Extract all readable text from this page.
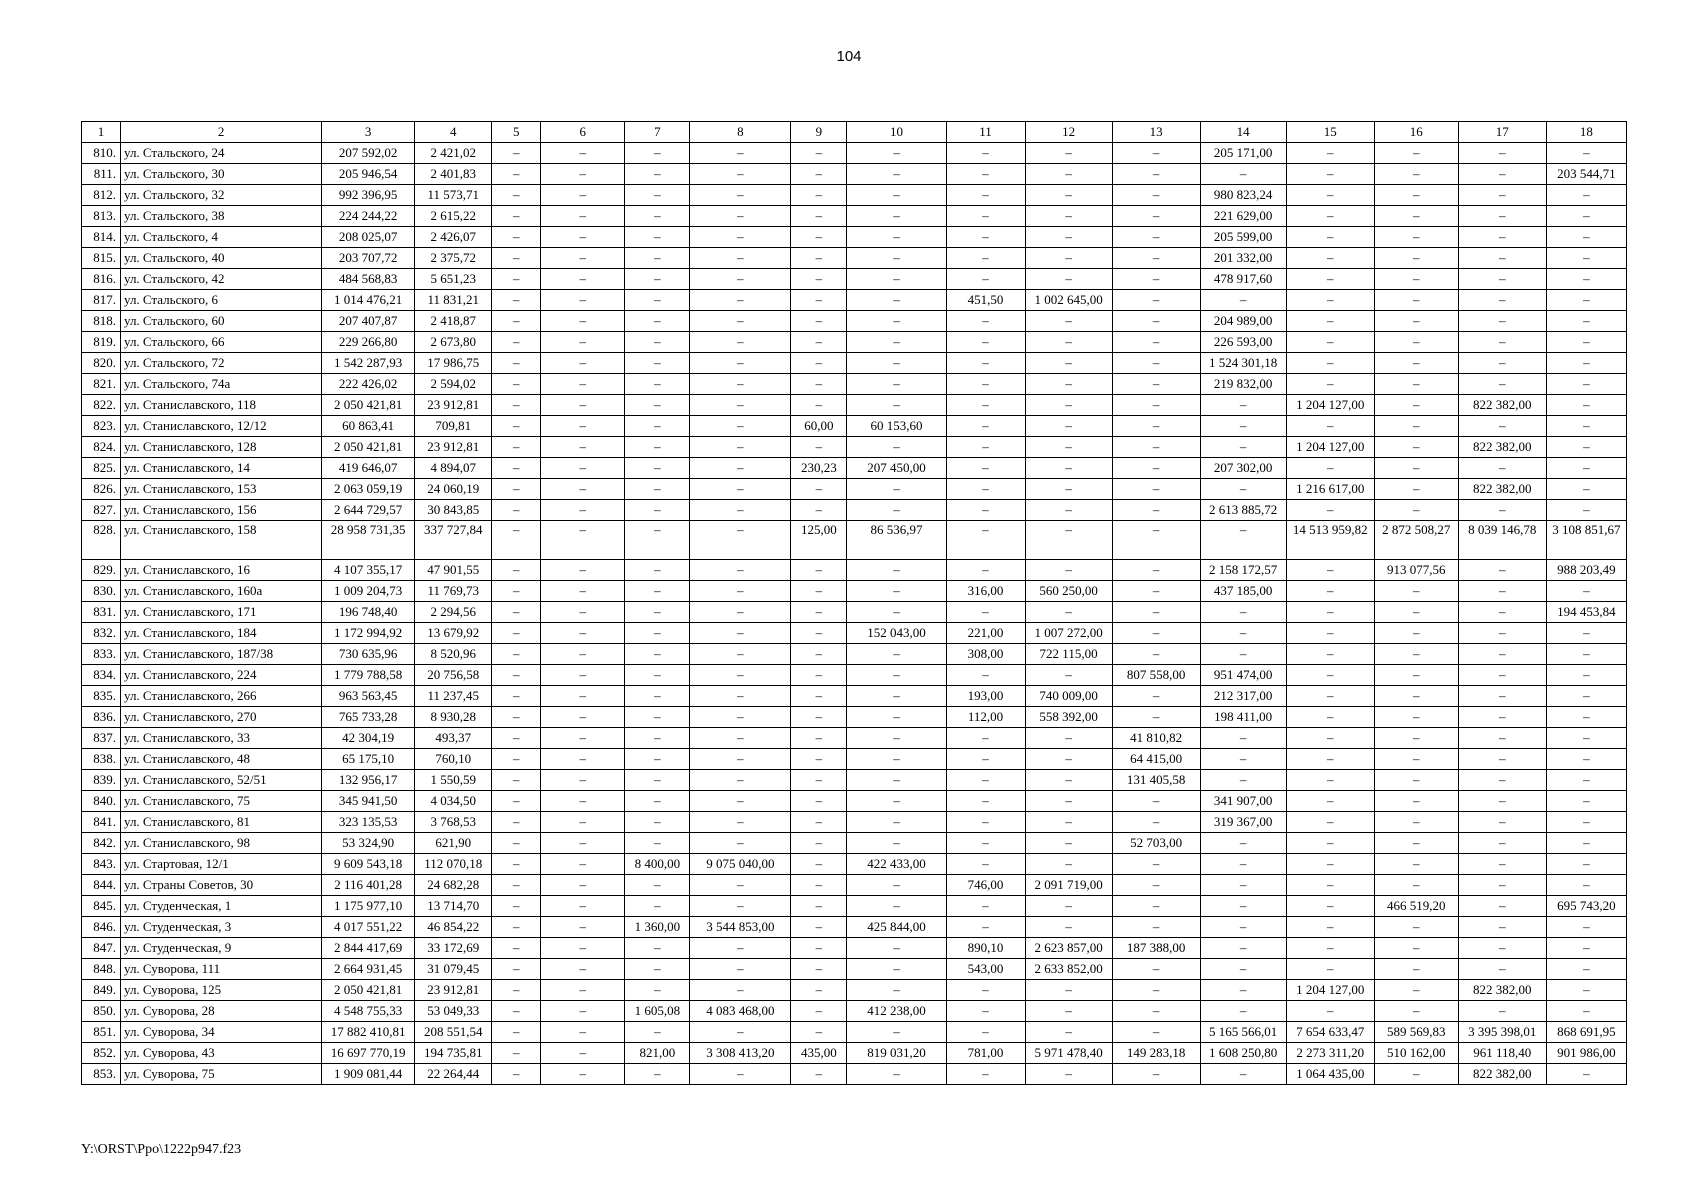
104
1	2	3	4	5	6	7	8	9	10	11	12	13	14	15	16	17	18
810.	ул. Стальского, 24	207 592,02	2 421,02	–	–	–	–	–	–	–	–	–	205 171,00	–	–	–	–
811.	ул. Стальского, 30	205 946,54	2 401,83	–	–	–	–	–	–	–	–	–	–	–	–	–	203 544,71
812.	ул. Стальского, 32	992 396,95	11 573,71	–	–	–	–	–	–	–	–	–	980 823,24	–	–	–	–
813.	ул. Стальского, 38	224 244,22	2 615,22	–	–	–	–	–	–	–	–	–	221 629,00	–	–	–	–
814.	ул. Стальского, 4	208 025,07	2 426,07	–	–	–	–	–	–	–	–	–	205 599,00	–	–	–	–
815.	ул. Стальского, 40	203 707,72	2 375,72	–	–	–	–	–	–	–	–	–	201 332,00	–	–	–	–
816.	ул. Стальского, 42	484 568,83	5 651,23	–	–	–	–	–	–	–	–	–	478 917,60	–	–	–	–
817.	ул. Стальского, 6	1 014 476,21	11 831,21	–	–	–	–	–	–	451,50	1 002 645,00	–	–	–	–	–	–
818.	ул. Стальского, 60	207 407,87	2 418,87	–	–	–	–	–	–	–	–	–	204 989,00	–	–	–	–
819.	ул. Стальского, 66	229 266,80	2 673,80	–	–	–	–	–	–	–	–	–	226 593,00	–	–	–	–
820.	ул. Стальского, 72	1 542 287,93	17 986,75	–	–	–	–	–	–	–	–	–	1 524 301,18	–	–	–	–
821.	ул. Стальского, 74а	222 426,02	2 594,02	–	–	–	–	–	–	–	–	–	219 832,00	–	–	–	–
822.	ул. Станиславского, 118	2 050 421,81	23 912,81	–	–	–	–	–	–	–	–	–	–	1 204 127,00	–	822 382,00	–
823.	ул. Станиславского, 12/12	60 863,41	709,81	–	–	–	–	60,00	60 153,60	–	–	–	–	–	–	–	–
824.	ул. Станиславского, 128	2 050 421,81	23 912,81	–	–	–	–	–	–	–	–	–	–	1 204 127,00	–	822 382,00	–
825.	ул. Станиславского, 14	419 646,07	4 894,07	–	–	–	–	230,23	207 450,00	–	–	–	207 302,00	–	–	–	–
826.	ул. Станиславского, 153	2 063 059,19	24 060,19	–	–	–	–	–	–	–	–	–	–	1 216 617,00	–	822 382,00	–
827.	ул. Станиславского, 156	2 644 729,57	30 843,85	–	–	–	–	–	–	–	–	–	2 613 885,72	–	–	–	–
828.	ул. Станиславского, 158	28 958 731,35	337 727,84	–	–	–	–	125,00	86 536,97	–	–	–	–	14 513 959,82	2 872 508,27	8 039 146,78	3 108 851,67
829.	ул. Станиславского, 16	4 107 355,17	47 901,55	–	–	–	–	–	–	–	–	–	2 158 172,57	–	913 077,56	–	988 203,49
830.	ул. Станиславского, 160а	1 009 204,73	11 769,73	–	–	–	–	–	–	316,00	560 250,00	–	437 185,00	–	–	–	–
831.	ул. Станиславского, 171	196 748,40	2 294,56	–	–	–	–	–	–	–	–	–	–	–	–	–	194 453,84
832.	ул. Станиславского, 184	1 172 994,92	13 679,92	–	–	–	–	–	152 043,00	221,00	1 007 272,00	–	–	–	–	–	–
833.	ул. Станиславского, 187/38	730 635,96	8 520,96	–	–	–	–	–	–	308,00	722 115,00	–	–	–	–	–	–
834.	ул. Станиславского, 224	1 779 788,58	20 756,58	–	–	–	–	–	–	–	–	807 558,00	951 474,00	–	–	–	–
835.	ул. Станиславского, 266	963 563,45	11 237,45	–	–	–	–	–	–	193,00	740 009,00	–	212 317,00	–	–	–	–
836.	ул. Станиславского, 270	765 733,28	8 930,28	–	–	–	–	–	–	112,00	558 392,00	–	198 411,00	–	–	–	–
837.	ул. Станиславского, 33	42 304,19	493,37	–	–	–	–	–	–	–	–	41 810,82	–	–	–	–	–
838.	ул. Станиславского, 48	65 175,10	760,10	–	–	–	–	–	–	–	–	64 415,00	–	–	–	–	–
839.	ул. Станиславского, 52/51	132 956,17	1 550,59	–	–	–	–	–	–	–	–	131 405,58	–	–	–	–	–
840.	ул. Станиславского, 75	345 941,50	4 034,50	–	–	–	–	–	–	–	–	–	341 907,00	–	–	–	–
841.	ул. Станиславского, 81	323 135,53	3 768,53	–	–	–	–	–	–	–	–	–	319 367,00	–	–	–	–
842.	ул. Станиславского, 98	53 324,90	621,90	–	–	–	–	–	–	–	–	52 703,00	–	–	–	–	–
843.	ул. Стартовая, 12/1	9 609 543,18	112 070,18	–	–	8 400,00	9 075 040,00	–	422 433,00	–	–	–	–	–	–	–	–
844.	ул. Страны Советов, 30	2 116 401,28	24 682,28	–	–	–	–	–	–	746,00	2 091 719,00	–	–	–	–	–	–
845.	ул. Студенческая, 1	1 175 977,10	13 714,70	–	–	–	–	–	–	–	–	–	–	–	466 519,20	–	695 743,20
846.	ул. Студенческая, 3	4 017 551,22	46 854,22	–	–	1 360,00	3 544 853,00	–	425 844,00	–	–	–	–	–	–	–	–
847.	ул. Студенческая, 9	2 844 417,69	33 172,69	–	–	–	–	–	–	890,10	2 623 857,00	187 388,00	–	–	–	–	–
848.	ул. Суворова, 111	2 664 931,45	31 079,45	–	–	–	–	–	–	543,00	2 633 852,00	–	–	–	–	–	–
849.	ул. Суворова, 125	2 050 421,81	23 912,81	–	–	–	–	–	–	–	–	–	–	1 204 127,00	–	822 382,00	–
850.	ул. Суворова, 28	4 548 755,33	53 049,33	–	–	1 605,08	4 083 468,00	–	412 238,00	–	–	–	–	–	–	–	–
851.	ул. Суворова, 34	17 882 410,81	208 551,54	–	–	–	–	–	–	–	–	–	5 165 566,01	7 654 633,47	589 569,83	3 395 398,01	868 691,95
852.	ул. Суворова, 43	16 697 770,19	194 735,81	–	–	821,00	3 308 413,20	435,00	819 031,20	781,00	5 971 478,40	149 283,18	1 608 250,80	2 273 311,20	510 162,00	961 118,40	901 986,00
853.	ул. Суворова, 75	1 909 081,44	22 264,44	–	–	–	–	–	–	–	–	–	–	1 064 435,00	–	822 382,00	–
Y:\ORST\Ppo\1222p947.f23
